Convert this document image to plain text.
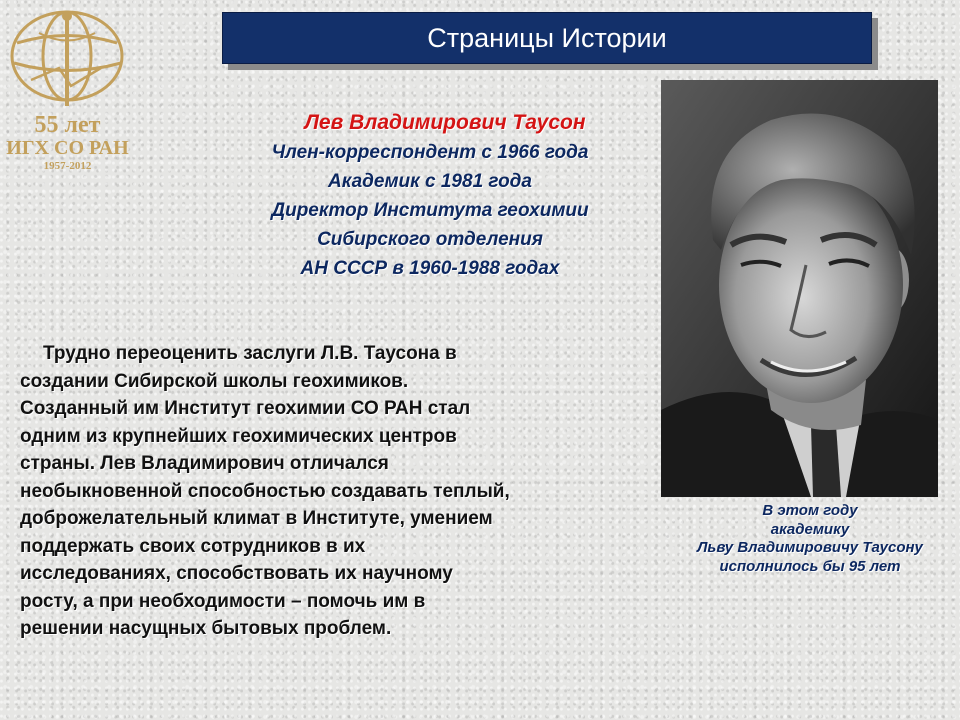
55 лет
ИГХ СО РАН
1957-2012
Страницы Истории
Лев Владимирович Таусон
Член-корреспондент с 1966 года
Академик с 1981 года
Директор Института геохимии
Сибирского отделения
АН СССР в 1960-1988 годах
Трудно переоценить заслуги Л.В. Таусона в
создании Сибирской школы геохимиков.
Созданный им Институт геохимии СО РАН стал
одним из крупнейших геохимических центров
страны. Лев Владимирович отличался
необыкновенной способностью создавать теплый,
доброжелательный климат в Институте, умением
поддержать своих сотрудников в их
исследованиях, способствовать их научному
росту, а при необходимости – помочь им в
решении насущных бытовых проблем.
В этом году
академику
Льву Владимировичу Таусону
исполнилось бы 95 лет
